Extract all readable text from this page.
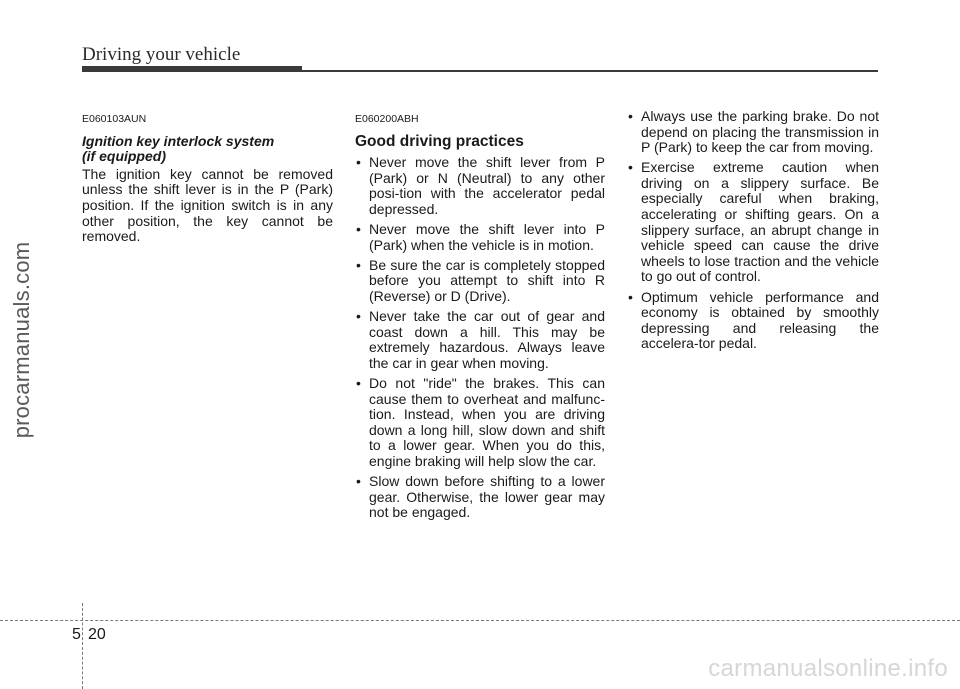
Driving your vehicle
procarmanuals.com
E060103AUN
Ignition key interlock system
(if equipped)

The ignition key cannot be removed unless the shift lever is in the P (Park) position. If the ignition switch is in any other position, the key cannot be removed.

E060200ABH
Good driving practices
• Never move the shift lever from P (Park) or N (Neutral) to any other posi-tion with the accelerator pedal depressed.
• Never move the shift lever into P (Park) when the vehicle is in motion.
• Be sure the car is completely stopped before you attempt to shift into R (Reverse) or D (Drive).
• Never take the car out of gear and coast down a hill. This may be extremely hazardous. Always leave the car in gear when moving.
• Do not "ride" the brakes. This can cause them to overheat and malfunc-tion. Instead, when you are driving down a long hill, slow down and shift to a lower gear. When you do this, engine braking will help slow the car.
• Slow down before shifting to a lower gear. Otherwise, the lower gear may not be engaged.
• Always use the parking brake. Do not depend on placing the transmission in P (Park) to keep the car from moving.
• Exercise extreme caution when driving on a slippery surface. Be especially careful when braking, accelerating or shifting gears. On a slippery surface, an abrupt change in vehicle speed can cause the drive wheels to lose traction and the vehicle to go out of control.
• Optimum vehicle performance and economy is obtained by smoothly depressing and releasing the accelera-tor pedal.
5 20
carmanualsonline.info
